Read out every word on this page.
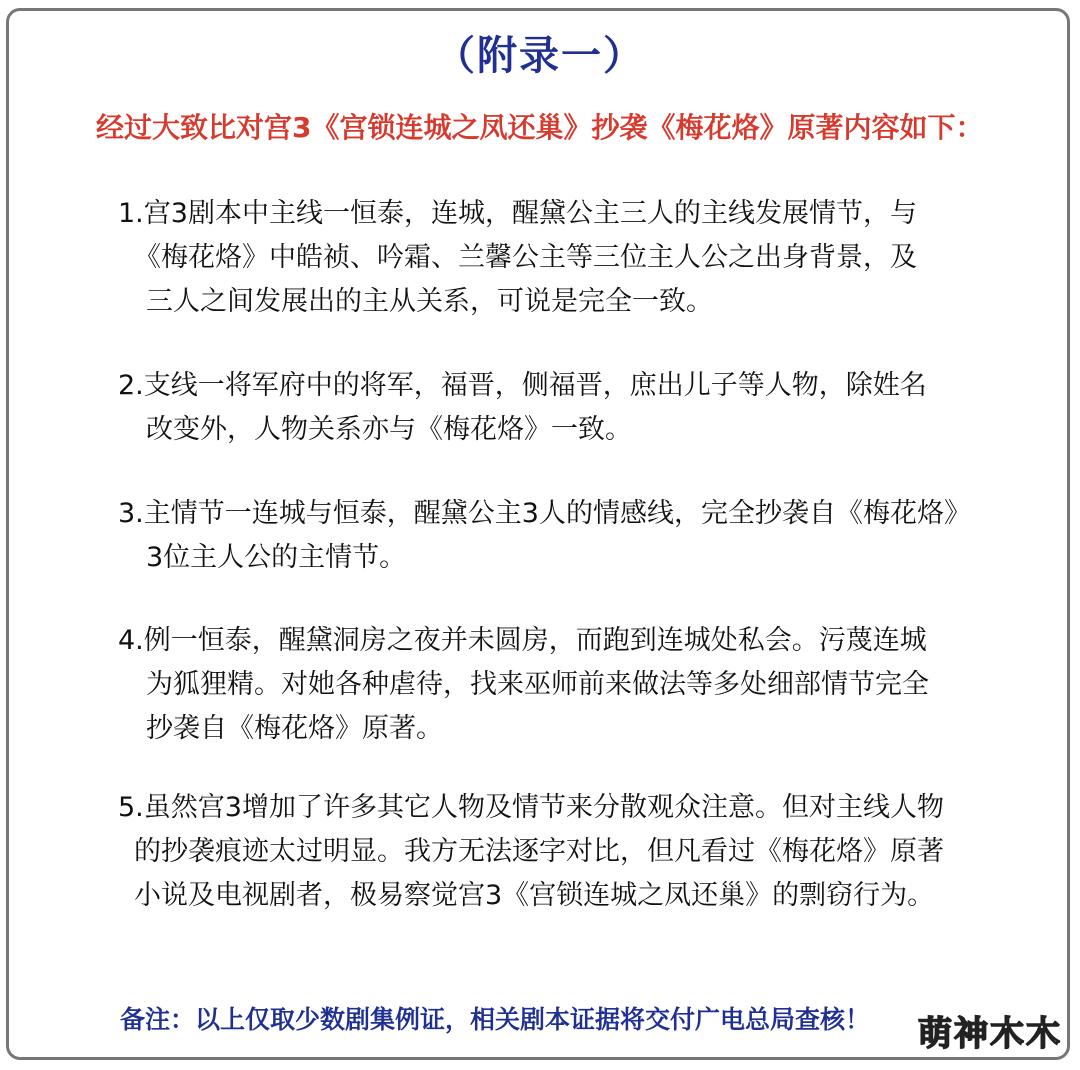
（附录一）
经过大致比对宫3《宫锁连城之凤还巢》抄袭《梅花烙》原著内容如下：
1.宫3剧本中主线一恒泰，连城，醒黛公主三人的主线发展情节，与
《梅花烙》中皓祯、吟霜、兰馨公主等三位主人公之出身背景，及
三人之间发展出的主从关系，可说是完全一致。
2.支线一将军府中的将军，福晋，侧福晋，庶出儿子等人物，除姓名
改变外，人物关系亦与《梅花烙》一致。
3.主情节一连城与恒泰，醒黛公主3人的情感线，完全抄袭自《梅花烙》
3位主人公的主情节。
4.例一恒泰，醒黛洞房之夜并未圆房，而跑到连城处私会。污蔑连城
为狐狸精。对她各种虐待，找来巫师前来做法等多处细部情节完全
抄袭自《梅花烙》原著。
5.虽然宫3增加了许多其它人物及情节来分散观众注意。但对主线人物
的抄袭痕迹太过明显。我方无法逐字对比，但凡看过《梅花烙》原著
小说及电视剧者，极易察觉宫3《宫锁连城之凤还巢》的剽窃行为。
备注：以上仅取少数剧集例证，相关剧本证据将交付广电总局查核！ 萌神木木
